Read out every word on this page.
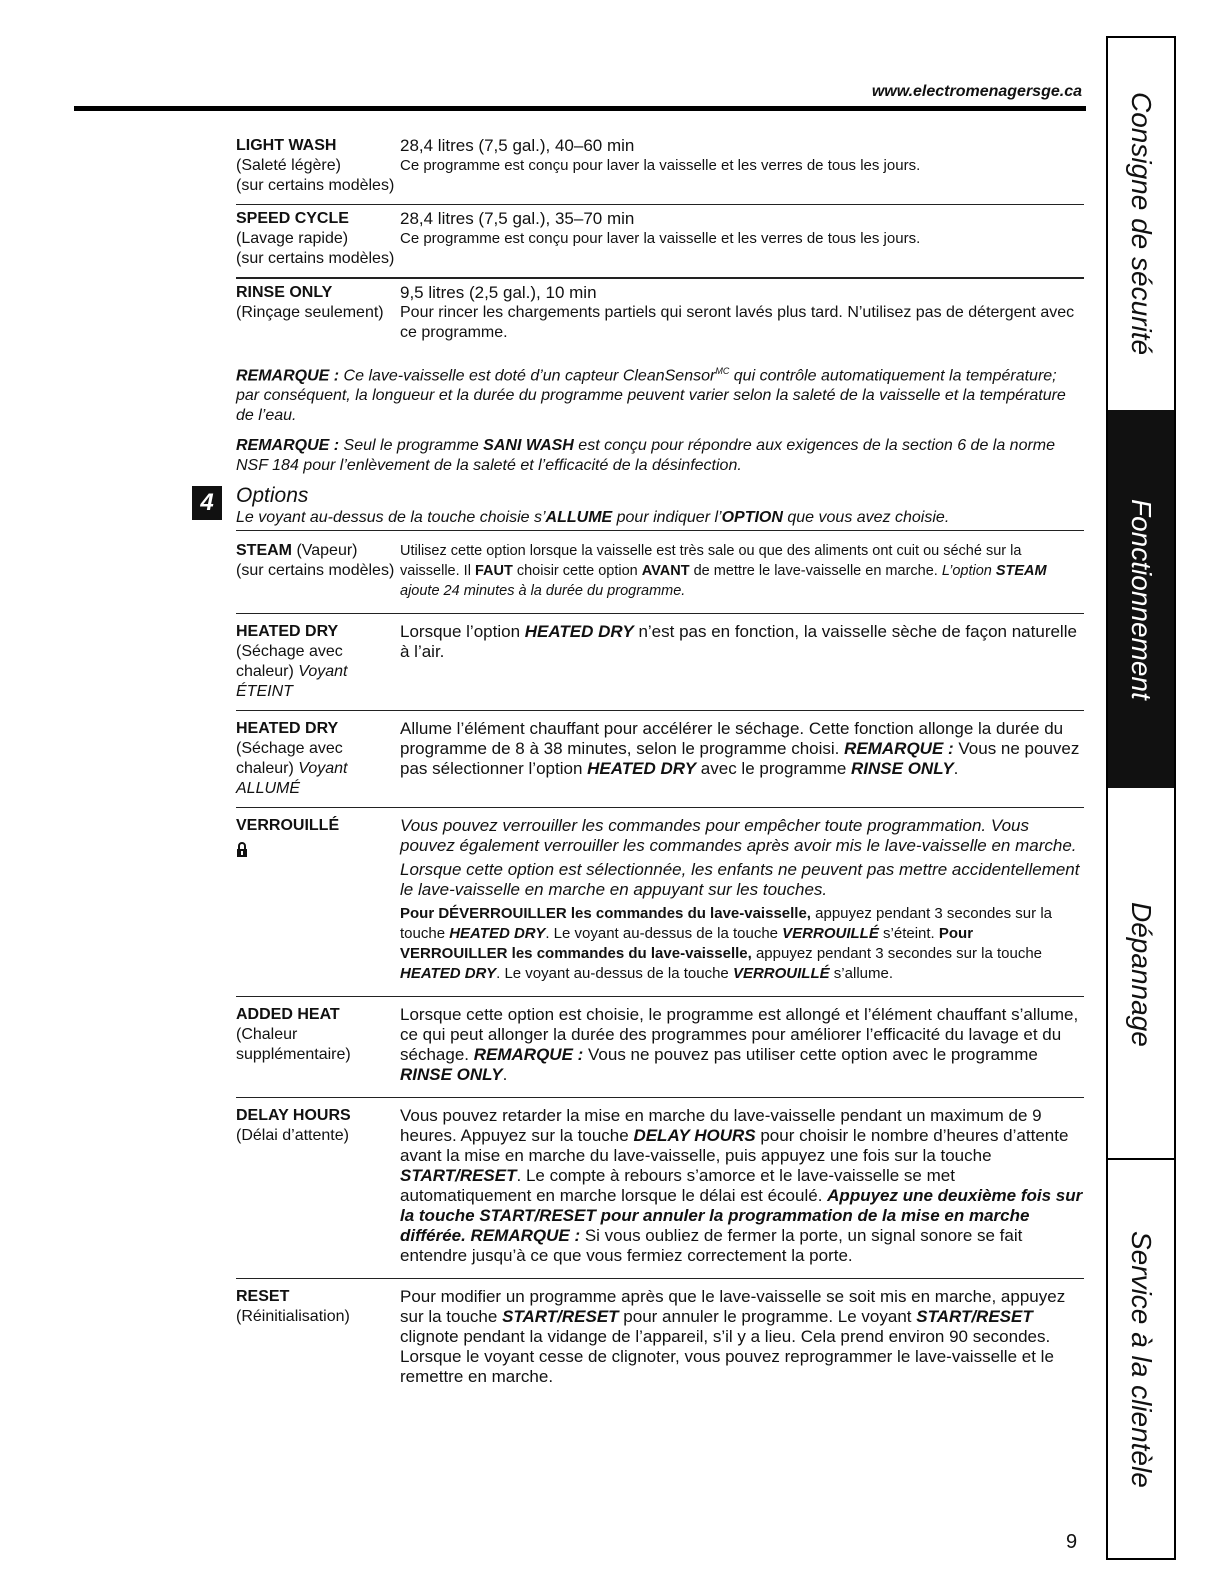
www.electromenagersge.ca
LIGHT WASH
(Saleté légère)
(sur certains modèles)
28,4 litres (7,5 gal.), 40–60 min
Ce programme est conçu pour laver la vaisselle et les verres de tous les jours.
SPEED CYCLE
(Lavage rapide)
(sur certains modèles)
28,4 litres (7,5 gal.), 35–70 min
Ce programme est conçu pour laver la vaisselle et les verres de tous les jours.
RINSE ONLY
(Rinçage seulement)
9,5 litres (2,5 gal.), 10 min
Pour rincer les chargements partiels qui seront lavés plus tard. N’utilisez pas de détergent avec ce programme.
REMARQUE : Ce lave-vaisselle est doté d’un capteur CleanSensor$^{MC}$ qui contrôle automatiquement la température; par conséquent, la longueur et la durée du programme peuvent varier selon la saleté de la vaisselle et la température de l’eau.
REMARQUE : Seul le programme SANI WASH est conçu pour répondre aux exigences de la section 6 de la norme NSF 184 pour l’enlèvement de la saleté et l’efficacité de la désinfection.
4	Options
Le voyant au-dessus de la touche choisie s’ALLUME pour indiquer l’OPTION que vous avez choisie.
STEAM (Vapeur)
(sur certains modèles)

Utilisez cette option lorsque la vaisselle est très sale ou que des aliments ont cuit ou séché sur la vaisselle. Il FAUT choisir cette option AVANT de mettre le lave-vaisselle en marche. L’option STEAM ajoute 24 minutes à la durée du programme.

HEATED DRY
(Séchage avec chaleur) Voyant ÉTEINT

Lorsque l’option HEATED DRY n’est pas en fonction, la vaisselle sèche de façon naturelle à l’air.

HEATED DRY
(Séchage avec chaleur) Voyant ALLUMÉ

Allume l’élément chauffant pour accélérer le séchage. Cette fonction allonge la durée du programme de 8 à 38 minutes, selon le programme choisi. REMARQUE : Vous ne pouvez pas sélectionner l’option HEATED DRY avec le programme RINSE ONLY.

VERROUILLÉ	Vous pouvez verrouiller les commandes pour empêcher toute programmation. Vous pouvez également verrouiller les commandes après avoir mis le lave-vaisselle en marche.

Lorsque cette option est sélectionnée, les enfants ne peuvent pas mettre accidentellement le lave-vaisselle en marche en appuyant sur les touches.

Pour DÉVERROUILLER les commandes du lave-vaisselle, appuyez pendant 3 secondes sur la touche HEATED DRY. Le voyant au-dessus de la touche VERROUILLÉ s’éteint. Pour VERROUILLER les commandes du lave-vaisselle, appuyez pendant 3 secondes sur la touche HEATED DRY. Le voyant au-dessus de la touche VERROUILLÉ s’allume.

ADDED HEAT
(Chaleur supplémentaire)

Lorsque cette option est choisie, le programme est allongé et l’élément chauffant s’allume, ce qui peut allonger la durée des programmes pour améliorer l’efficacité du lavage et du séchage. REMARQUE : Vous ne pouvez pas utiliser cette option avec le programme RINSE ONLY.

DELAY HOURS
(Délai d’attente)

Vous pouvez retarder la mise en marche du lave-vaisselle pendant un maximum de 9 heures. Appuyez sur la touche DELAY HOURS pour choisir le nombre d’heures d’attente avant la mise en marche du lave-vaisselle, puis appuyez une fois sur la touche START/RESET. Le compte à rebours s’amorce et le lave-vaisselle se met automatiquement en marche lorsque le délai est écoulé. Appuyez une deuxième fois sur la touche START/RESET pour annuler la programmation de la mise en marche différée. REMARQUE : Si vous oubliez de fermer la porte, un signal sonore se fait entendre jusqu’à ce que vous fermiez correctement la porte.

RESET
(Réinitialisation)

Pour modifier un programme après que le lave-vaisselle se soit mis en marche, appuyez sur la touche START/RESET pour annuler le programme. Le voyant START/RESET clignote pendant la vidange de l’appareil, s’il y a lieu. Cela prend environ 90 secondes. Lorsque le voyant cesse de clignoter, vous pouvez reprogrammer le lave-vaisselle et le remettre en marche.

Consigne de sécurité
Fonctionnement
Dépannage
Service à la clientèle
9
